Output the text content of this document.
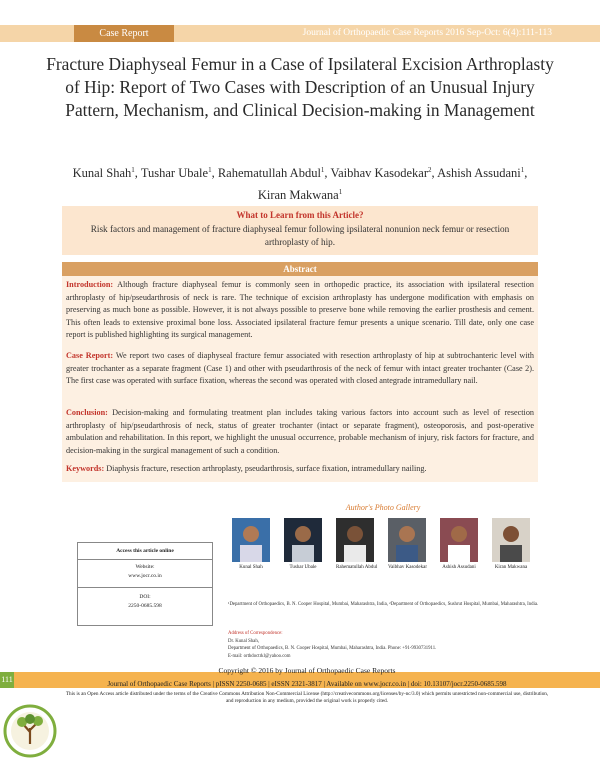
Case Report	Journal of Orthopaedic Case Reports 2016 Sep-Oct: 6(4):111-113
Fracture Diaphyseal Femur in a Case of Ipsilateral Excision Arthroplasty of Hip: Report of Two Cases with Description of an Unusual Injury Pattern, Mechanism, and Clinical Decision-making in Management
Kunal Shah$^1$, Tushar Ubale$^1$, Rahematullah Abdul$^1$, Vaibhav Kasodekar$^2$, Ashish Assudani$^1$,
Kiran Makwana$^1$
What to Learn from this Article?
Risk factors and management of fracture diaphyseal femur following ipsilateral nonunion neck femur or resection arthroplasty of hip.
Abstract

Introduction: Although fracture diaphyseal femur is commonly seen in orthopedic practice, its association with ipsilateral resection arthroplasty of hip/pseudarthrosis of neck is rare. The technique of excision arthroplasty has undergone modification with emphasis on preserving as much bone as possible. However, it is not always possible to preserve bone while removing the earlier prosthesis and cement. This often leads to extensive proximal bone loss. Associated ipsilateral fracture femur presents a unique scenario. Till date, only one case report is published highlighting its surgical management.

Case Report: We report two cases of diaphyseal fracture femur associated with resection arthroplasty of hip at subtrochanteric level with greater trochanter as a separate fragment (Case 1) and other with pseudarthrosis of the neck of femur with intact greater trochanter (Case 2). The first case was operated with surface fixation, whereas the second was operated with closed antegrade intramedullary nail.

Conclusion: Decision-making and formulating treatment plan includes taking various factors into account such as level of resection arthroplasty of hip/pseudarthrosis of neck, status of greater trochanter (intact or separate fragment), osteoporosis, and post-operative ambulation and rehabilitation. In this report, we highlight the unusual occurrence, probable mechanism of injury, risk factors for fracture, and decision-making in the surgical management of such a condition.

Keywords: Diaphysis fracture, resection arthroplasty, pseudarthrosis, surface fixation, intramedullary nailing.

Author's Photo Gallery
Kunal Shah	Tushar Ubale	Rahematullah Abdul Vaibhav Kasodekar	Ashish Assudani	Kiran Makwana
Access this article online
Website:
www.jocr.co.in
DOI:
2250-0685.598	¹Department of Orthopaedics, B. N. Cooper Hospital, Mumbai, Maharashtra, India, ²Department of Orthopaedics, Sushrut Hospital, Mumbai, Maharashtra, India.
Address of Correspondence:
Dr. Kunal Shah,
Department of Orthopaedics, B. N. Cooper Hospital, Mumbai, Maharashtra, India. Phone: +91-9930731911.
E-mail: orthdoctrkl@yahoo.com
111
Copyright © 2016 by Journal of Orthopaedic Case Reports
Journal of Orthopaedic Case Reports | pISSN 2250-0685 | eISSN 2321-3817 | Available on www.jocr.co.in | doi: 10.13107/jocr.2250-0685.598
This is an Open Access article distributed under the terms of the Creative Commons Attribution Non-Commercial License (http://creativecommons.org/licenses/by-nc/3.0) which permits unrestricted non-commercial use, distribution, and reproduction in any medium, provided the original work is properly cited.
